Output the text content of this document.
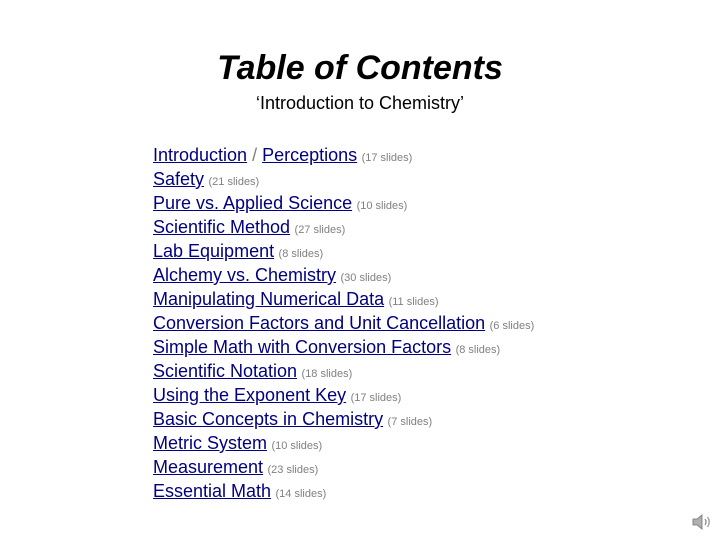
Table of Contents
‘Introduction to Chemistry’
Introduction / Perceptions (17 slides)
Safety (21 slides)
Pure vs. Applied Science (10 slides)
Scientific Method (27 slides)
Lab Equipment (8 slides)
Alchemy vs. Chemistry (30 slides)
Manipulating Numerical Data (11 slides)
Conversion Factors and Unit Cancellation (6 slides)
Simple Math with Conversion Factors (8 slides)
Scientific Notation (18 slides)
Using the Exponent Key (17 slides)
Basic Concepts in Chemistry (7 slides)
Metric System (10 slides)
Measurement (23 slides)
Essential Math (14 slides)
